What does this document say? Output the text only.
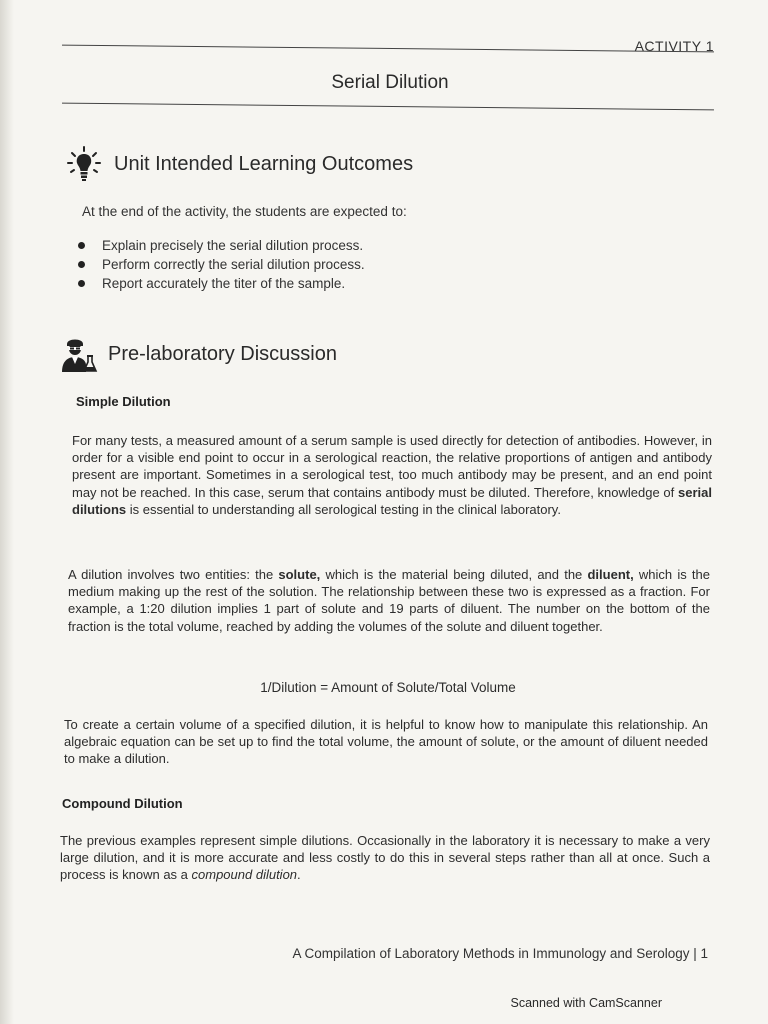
ACTIVITY 1
Serial Dilution
Unit Intended Learning Outcomes
At the end of the activity, the students are expected to:
Explain precisely the serial dilution process.
Perform correctly the serial dilution process.
Report accurately the titer of the sample.
Pre-laboratory Discussion
Simple Dilution

For many tests, a measured amount of a serum sample is used directly for detection of antibodies. However, in order for a visible end point to occur in a serological reaction, the relative proportions of antigen and antibody present are important. Sometimes in a serological test, too much antibody may be present, and an end point may not be reached. In this case, serum that contains antibody must be diluted. Therefore, knowledge of serial dilutions is essential to understanding all serological testing in the clinical laboratory.

A dilution involves two entities: the solute, which is the material being diluted, and the diluent, which is the medium making up the rest of the solution. The relationship between these two is expressed as a fraction. For example, a 1:20 dilution implies 1 part of solute and 19 parts of diluent. The number on the bottom of the fraction is the total volume, reached by adding the volumes of the solute and diluent together.

1/Dilution = Amount of Solute/Total Volume

To create a certain volume of a specified dilution, it is helpful to know how to manipulate this relationship. An algebraic equation can be set up to find the total volume, the amount of solute, or the amount of diluent needed to make a dilution.

Compound Dilution

The previous examples represent simple dilutions. Occasionally in the laboratory it is necessary to make a very large dilution, and it is more accurate and less costly to do this in several steps rather than all at once. Such a process is known as a compound dilution.

A Compilation of Laboratory Methods in Immunology and Serology | 1
Scanned with CamScanner
